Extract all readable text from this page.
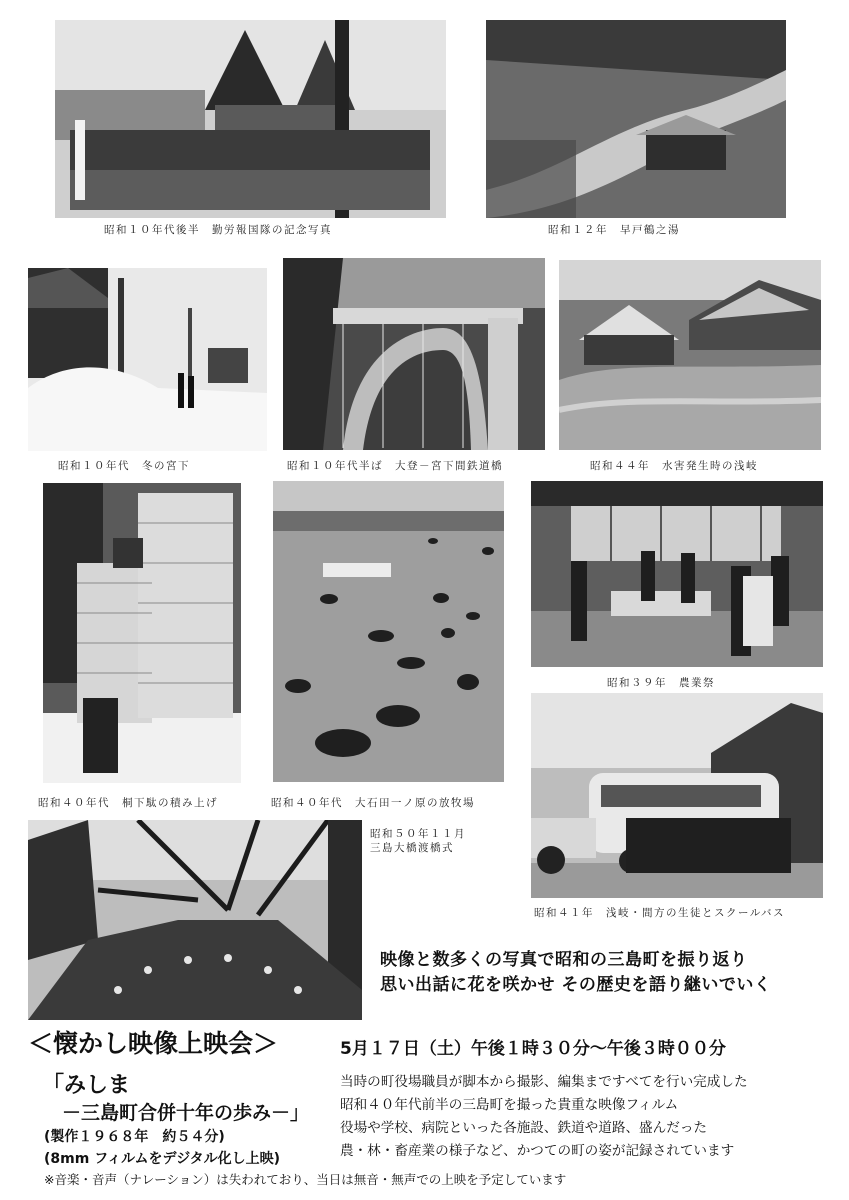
昭和１０年代後半　勤労報国隊の記念写真	昭和１２年　早戸鶴之湯
昭和１０年代　冬の宮下	昭和１０年代半ば　大登－宮下間鉄道橋	昭和４４年　水害発生時の浅岐
昭和４０年代　桐下駄の積み上げ	昭和４０年代　大石田一ノ原の放牧場
昭和３９年　農業祭
昭和４１年　浅岐・間方の生徒とスクールバス
昭和５０年１１月
三島大橋渡橋式
映像と数多くの写真で昭和の三島町を振り返り
思い出話に花を咲かせ その歴史を語り継いでいく
＜懐かし映像上映会＞	5月１７日（土）午後１時３０分～午後３時００分
「みしま
－三島町合併十年の歩み－」
(製作１９６８年　約５４分)
(8mm フィルムをデジタル化し上映)
当時の町役場職員が脚本から撮影、編集まですべてを行い完成した
昭和４０年代前半の三島町を撮った貴重な映像フィルム
役場や学校、病院といった各施設、鉄道や道路、盛んだった
農・林・畜産業の様子など、かつての町の姿が記録されています
※音楽・音声（ナレーション）は失われており、当日は無音・無声での上映を予定しています
